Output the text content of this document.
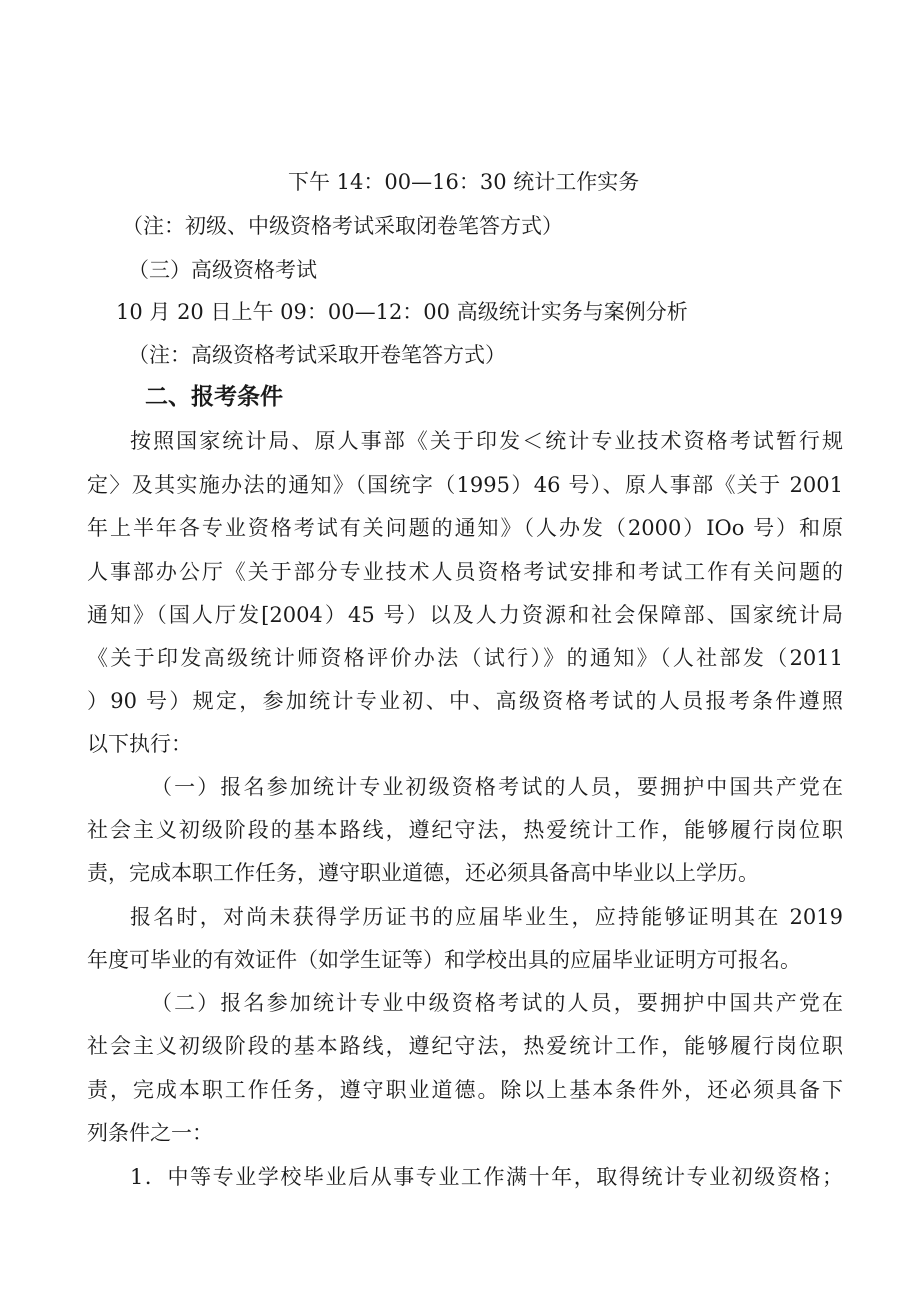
下午 14：00—16：30 统计工作实务
（注：初级、中级资格考试采取闭卷笔答方式）
（三）高级资格考试
10 月 20 日上午 09：00—12：00 高级统计实务与案例分析
（注：高级资格考试采取开卷笔答方式）
二、报考条件
按照国家统计局、原人事部《关于印发＜统计专业技术资格考试暂行规
定〉及其实施办法的通知》（国统字（1995）46 号）、原人事部《关于 2001
年上半年各专业资格考试有关问题的通知》（人办发（2000）IOo 号）和原
人事部办公厅《关于部分专业技术人员资格考试安排和考试工作有关问题的
通知》（国人厅发[2004）45 号）以及人力资源和社会保障部、国家统计局
《关于印发高级统计师资格评价办法（试行）》的通知》（人社部发（2011
）90 号）规定，参加统计专业初、中、高级资格考试的人员报考条件遵照
以下执行：
（一）报名参加统计专业初级资格考试的人员，要拥护中国共产党在
社会主义初级阶段的基本路线，遵纪守法，热爱统计工作，能够履行岗位职
责，完成本职工作任务，遵守职业道德，还必须具备高中毕业以上学历。
报名时，对尚未获得学历证书的应届毕业生，应持能够证明其在 2019
年度可毕业的有效证件（如学生证等）和学校出具的应届毕业证明方可报名。
（二）报名参加统计专业中级资格考试的人员，要拥护中国共产党在
社会主义初级阶段的基本路线，遵纪守法，热爱统计工作，能够履行岗位职
责，完成本职工作任务，遵守职业道德。除以上基本条件外，还必须具备下
列条件之一：
1．中等专业学校毕业后从事专业工作满十年，取得统计专业初级资格；
